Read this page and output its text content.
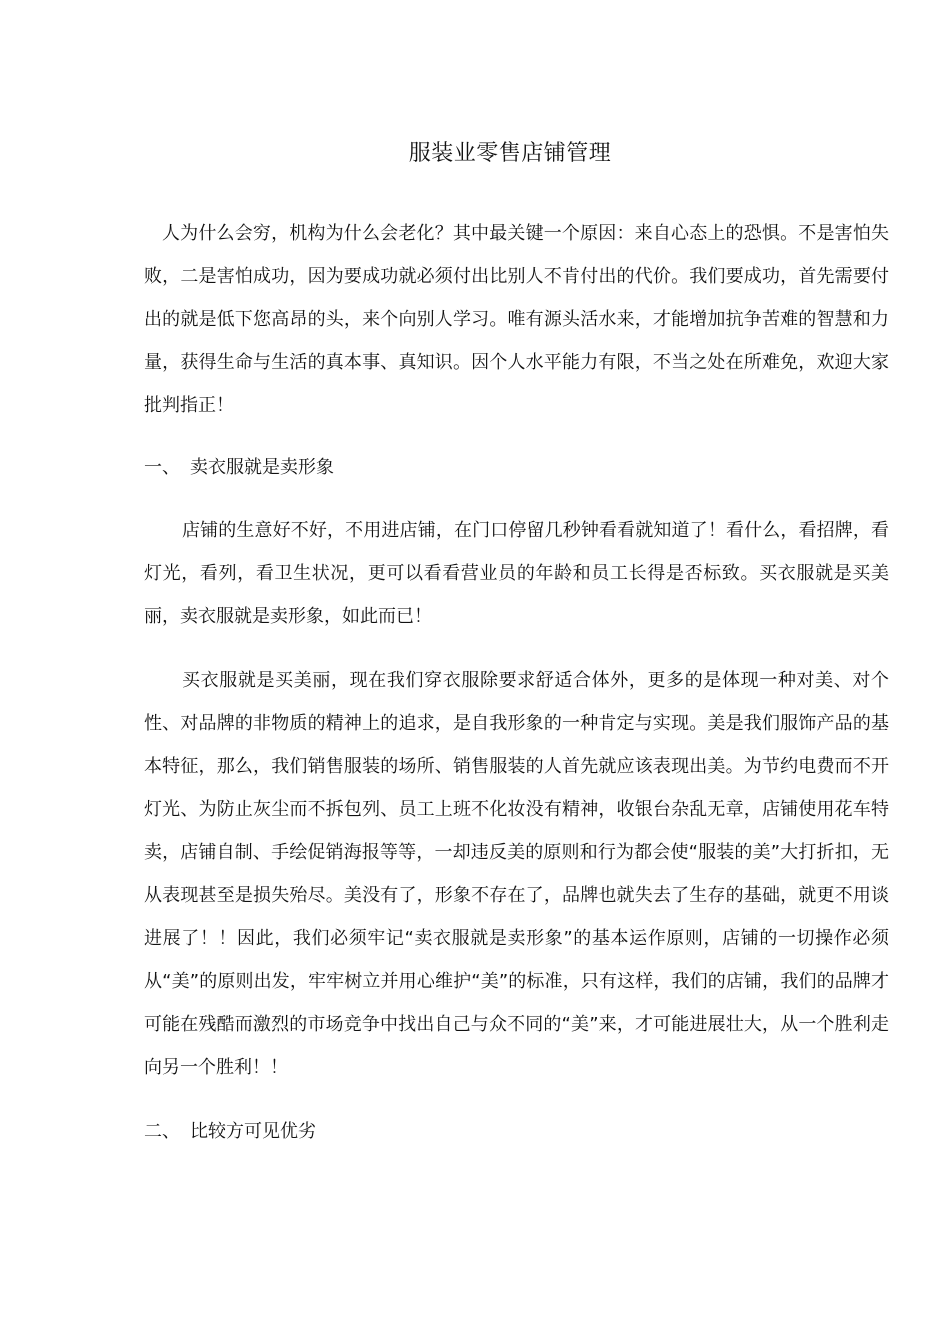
服装业零售店铺管理

人为什么会穷，机构为什么会老化？其中最关键一个原因：来自心态上的恐惧。不是害怕失败，二是害怕成功，因为要成功就必须付出比别人不肯付出的代价。我们要成功，首先需要付出的就是低下您高昂的头，来个向别人学习。唯有源头活水来，才能增加抗争苦难的智慧和力量，获得生命与生活的真本事、真知识。因个人水平能力有限，不当之处在所难免，欢迎大家批判指正！

一、 卖衣服就是卖形象

店铺的生意好不好，不用进店铺，在门口停留几秒钟看看就知道了！看什么，看招牌，看灯光，看列，看卫生状况，更可以看看营业员的年龄和员工长得是否标致。买衣服就是买美丽，卖衣服就是卖形象，如此而已！

买衣服就是买美丽，现在我们穿衣服除要求舒适合体外，更多的是体现一种对美、对个性、对品牌的非物质的精神上的追求，是自我形象的一种肯定与实现。美是我们服饰产品的基本特征，那么，我们销售服装的场所、销售服装的人首先就应该表现出美。为节约电费而不开灯光、为防止灰尘而不拆包列、员工上班不化妆没有精神，收银台杂乱无章，店铺使用花车特卖，店铺自制、手绘促销海报等等，一却违反美的原则和行为都会使“服装的美”大打折扣，无从表现甚至是损失殆尽。美没有了，形象不存在了，品牌也就失去了生存的基础，就更不用谈进展了！！因此，我们必须牢记“卖衣服就是卖形象”的基本运作原则，店铺的一切操作必须从“美”的原则出发，牢牢树立并用心维护“美”的标准，只有这样，我们的店铺，我们的品牌才可能在残酷而激烈的市场竞争中找出自己与众不同的“美”来，才可能进展壮大，从一个胜利走向另一个胜利！！

二、 比较方可见优劣
